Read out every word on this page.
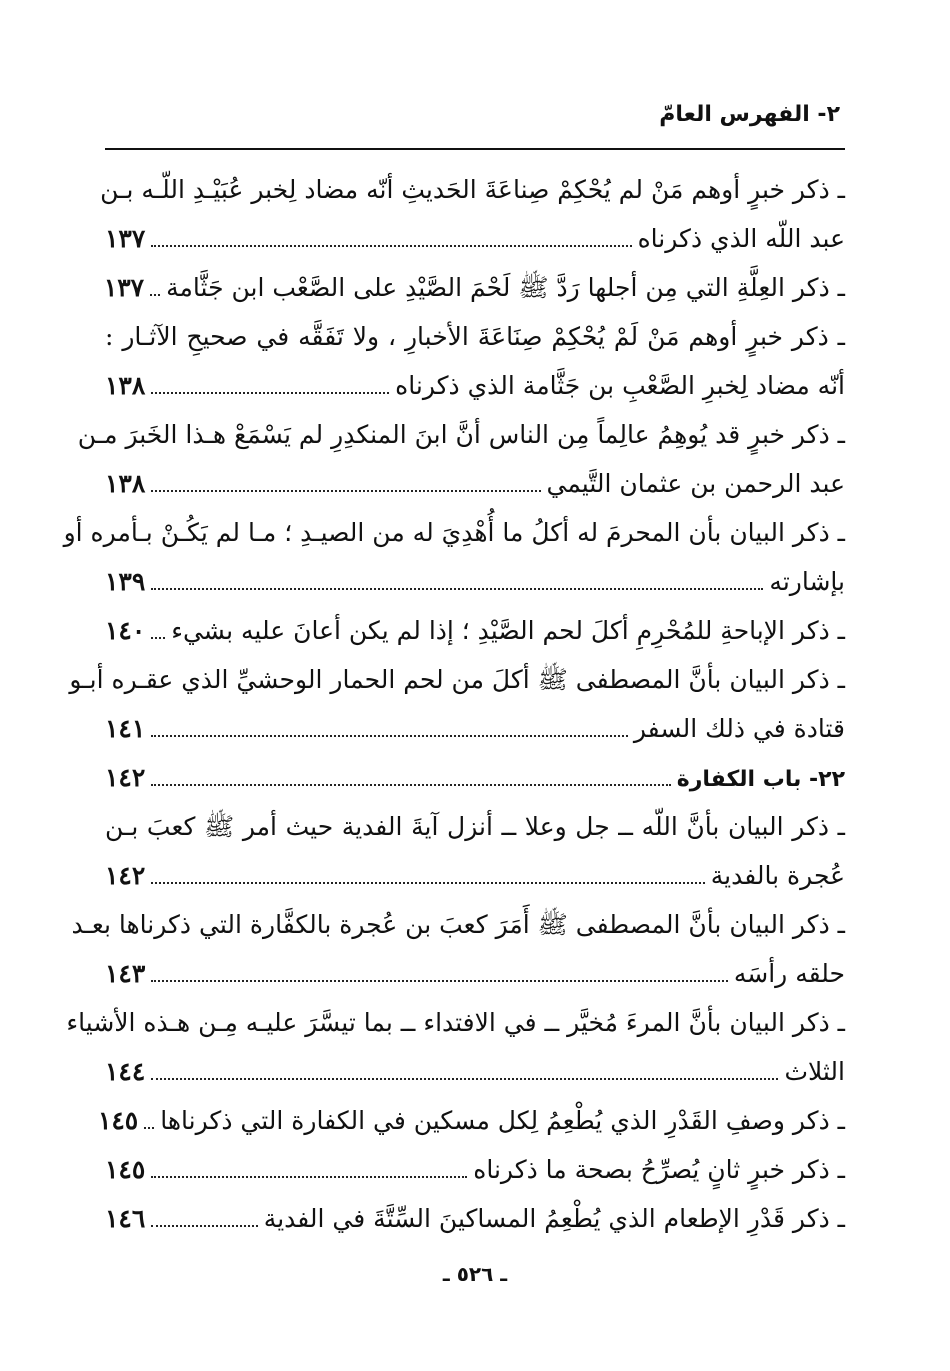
٢- الفهرس العامّ
ـ ذكر خبرٍ أوهم مَنْ لم يُحْكِمْ صِناعَةَ الحَديثِ أنّه مضاد لِخبر عُبَيْـدِ اللّـه بـن
عبد اللّه الذي ذكرناه
١٣٧
ـ ذكر العِلَّةِ التي مِن أجلها رَدَّ ﷺ لَحْمَ الصَّيْدِ على الصَّعْب ابن جَثَّامة
١٣٧
ـ ذكر خبرٍ أوهم مَنْ لَمْ يُحْكِمْ صِنَاعَةَ الأخبارِ ، ولا تَفَقَّه في صحيحِ الآثـار :
أنّه مضاد لِخبرِ الصَّعْبِ بن جَثَّامة الذي ذكرناه
١٣٨
ـ ذكر خبرٍ قد يُوهِمُ عالِماً مِن الناس أنَّ ابنَ المنكدِرِ لم يَسْمَعْ هـذا الخَبرَ مـن
عبد الرحمن بن عثمان التَّيمي
١٣٨
ـ ذكر البيان بأن المحرمَ له أكلُ ما أُهْدِيَ له من الصيـدِ ؛ مـا لم يَكُـنْ بـأمره أو
بإشارته
١٣٩
ـ ذكر الإباحةِ للمُحْرِمِ أكلَ لحم الصَّيْدِ ؛ إذا لم يكن أعانَ عليه بشيء
١٤٠
ـ ذكر البيان بأنَّ المصطفى ﷺ أكلَ من لحم الحمار الوحشيِّ الذي عقـره أبـو
قتادة في ذلك السفر
١٤١
٢٢- باب الكفارة
١٤٢
ـ ذكر البيان بأنَّ اللّه ــ جل وعلا ــ أنزل آيةَ الفدية حيث أمر ﷺ كعبَ بـن
عُجرة بالفدية
١٤٢
ـ ذكر البيان بأنَّ المصطفى ﷺ أَمَرَ كعبَ بن عُجرة بالكفَّارة التي ذكرناها بعـد
حلقه رأسَه
١٤٣
ـ ذكر البيان بأنَّ المرءَ مُخيَّر ــ في الافتداء ــ بما تيسَّرَ عليـه مِـن هـذه الأشياء
الثلاث
١٤٤
ـ ذكر وصفِ القَدْرِ الذي يُطْعِمُ لِكل مسكين في الكفارة التي ذكرناها
١٤٥
ـ ذكر خبرٍ ثانٍ يُصرِّحُ بصحة ما ذكرناه
١٤٥
ـ ذكر قَدْرِ الإطعام الذي يُطْعِمُ المساكينَ السِّتَّةَ في الفدية
١٤٦
ـ ٥٢٦ ـ
